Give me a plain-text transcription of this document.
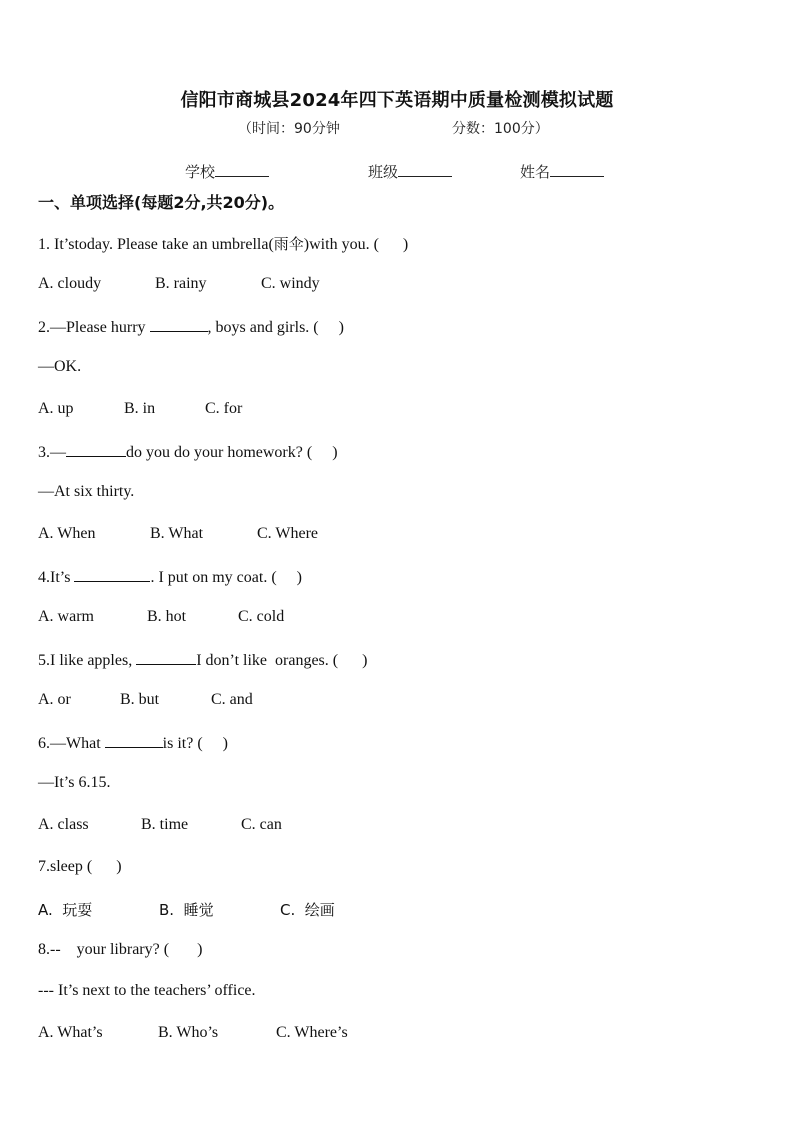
信阳市商城县2024年四下英语期中质量检测模拟试题
（时间：90分钟	分数：100分）
学校	班级	姓名
一、单项选择(每题2分,共20分)。
1. It’stoday. Please take an umbrella(雨伞)with you. (      )
A. cloudy	B. rainy	C. windy
2.—Please hurry	, boys and girls. (     )
—OK.
A. up	B. in	C. for
3.—	do you do your homework? (     )
—At six thirty.
A. When	B. What	C. Where
4.It’s	. I put on my coat. (     )
A. warm	B. hot	C. cold
5.I like apples,	I don’t like  oranges. (      )
A. or	B. but	C. and
6.—What	is it? (     )
—It’s 6.15.
A. class	B. time	C. can
7.sleep (      )
A.  玩耍	B.  睡觉	C.  绘画
8.--    your library? (       )
--- It’s next to the teachers’ office.
A. What’s	B. Who’s	C. Where’s
